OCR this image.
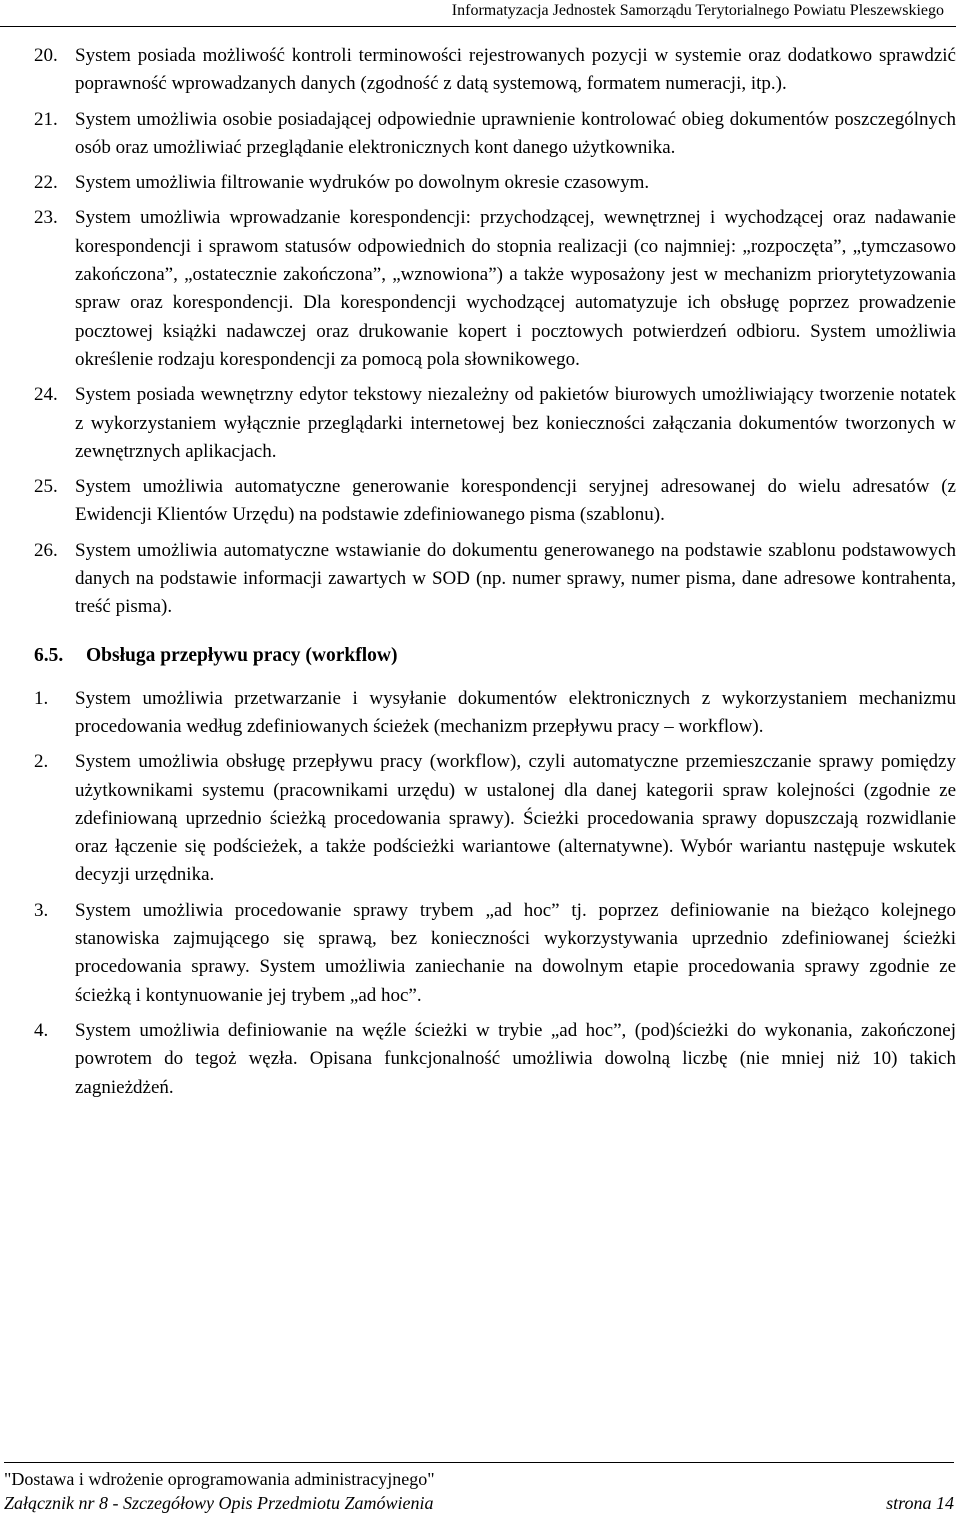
Informatyzacja Jednostek Samorządu Terytorialnego Powiatu Pleszewskiego
20. System posiada możliwość kontroli terminowości rejestrowanych pozycji w systemie oraz dodatkowo sprawdzić poprawność wprowadzanych danych (zgodność z datą systemową, formatem numeracji, itp.).
21. System umożliwia osobie posiadającej odpowiednie uprawnienie kontrolować obieg dokumentów poszczególnych osób oraz umożliwiać przeglądanie elektronicznych kont danego użytkownika.
22. System umożliwia filtrowanie wydruków po dowolnym okresie czasowym.
23. System umożliwia wprowadzanie korespondencji: przychodzącej, wewnętrznej i wychodzącej oraz nadawanie korespondencji i sprawom statusów odpowiednich do stopnia realizacji (co najmniej: „rozpoczęta”, „tymczasowo zakończona”, „ostatecznie zakończona”, „wznowiona”) a także wyposażony jest w mechanizm priorytetyzowania spraw oraz korespondencji. Dla korespondencji wychodzącej automatyzuje ich obsługę poprzez prowadzenie pocztowej książki nadawczej oraz drukowanie kopert i pocztowych potwierdzeń odbioru. System umożliwia określenie rodzaju korespondencji za pomocą pola słownikowego.
24. System posiada wewnętrzny edytor tekstowy niezależny od pakietów biurowych umożliwiający tworzenie notatek z wykorzystaniem wyłącznie przeglądarki internetowej bez konieczności załączania dokumentów tworzonych w zewnętrznych aplikacjach.
25. System umożliwia automatyczne generowanie korespondencji seryjnej adresowanej do wielu adresatów (z Ewidencji Klientów Urzędu) na podstawie zdefiniowanego pisma (szablonu).
26. System umożliwia automatyczne wstawianie do dokumentu generowanego na podstawie szablonu podstawowych danych na podstawie informacji zawartych w SOD (np. numer sprawy, numer pisma, dane adresowe kontrahenta, treść pisma).
6.5. Obsługa przepływu pracy (workflow)
1.	System umożliwia przetwarzanie i wysyłanie dokumentów elektronicznych z wykorzystaniem mechanizmu procedowania według zdefiniowanych ścieżek (mechanizm przepływu pracy – workflow).
2.	System umożliwia obsługę przepływu pracy (workflow), czyli automatyczne przemieszczanie sprawy pomiędzy użytkownikami systemu (pracownikami urzędu) w ustalonej dla danej kategorii spraw kolejności (zgodnie ze zdefiniowaną uprzednio ścieżką procedowania sprawy). Ścieżki procedowania sprawy dopuszczają rozwidlanie oraz łączenie się podścieżek, a także podścieżki wariantowe (alternatywne). Wybór wariantu następuje wskutek decyzji urzędnika.
3.	System umożliwia procedowanie sprawy trybem „ad hoc” tj. poprzez definiowanie na bieżąco kolejnego stanowiska zajmującego się sprawą, bez konieczności wykorzystywania uprzednio zdefiniowanej ścieżki procedowania sprawy. System umożliwia zaniechanie na dowolnym etapie procedowania sprawy zgodnie ze ścieżką i kontynuowanie jej trybem „ad hoc”.
4.	System umożliwia definiowanie na węźle ścieżki w trybie „ad hoc”, (pod)ścieżki do wykonania, zakończonej powrotem do tegoż węzła. Opisana funkcjonalność umożliwia dowolną liczbę (nie mniej niż 10) takich zagnieżdżeń.
"Dostawa i wdrożenie oprogramowania administracyjnego"
Załącznik nr 8 - Szczegółowy Opis Przedmiotu Zamówienia	strona 14
